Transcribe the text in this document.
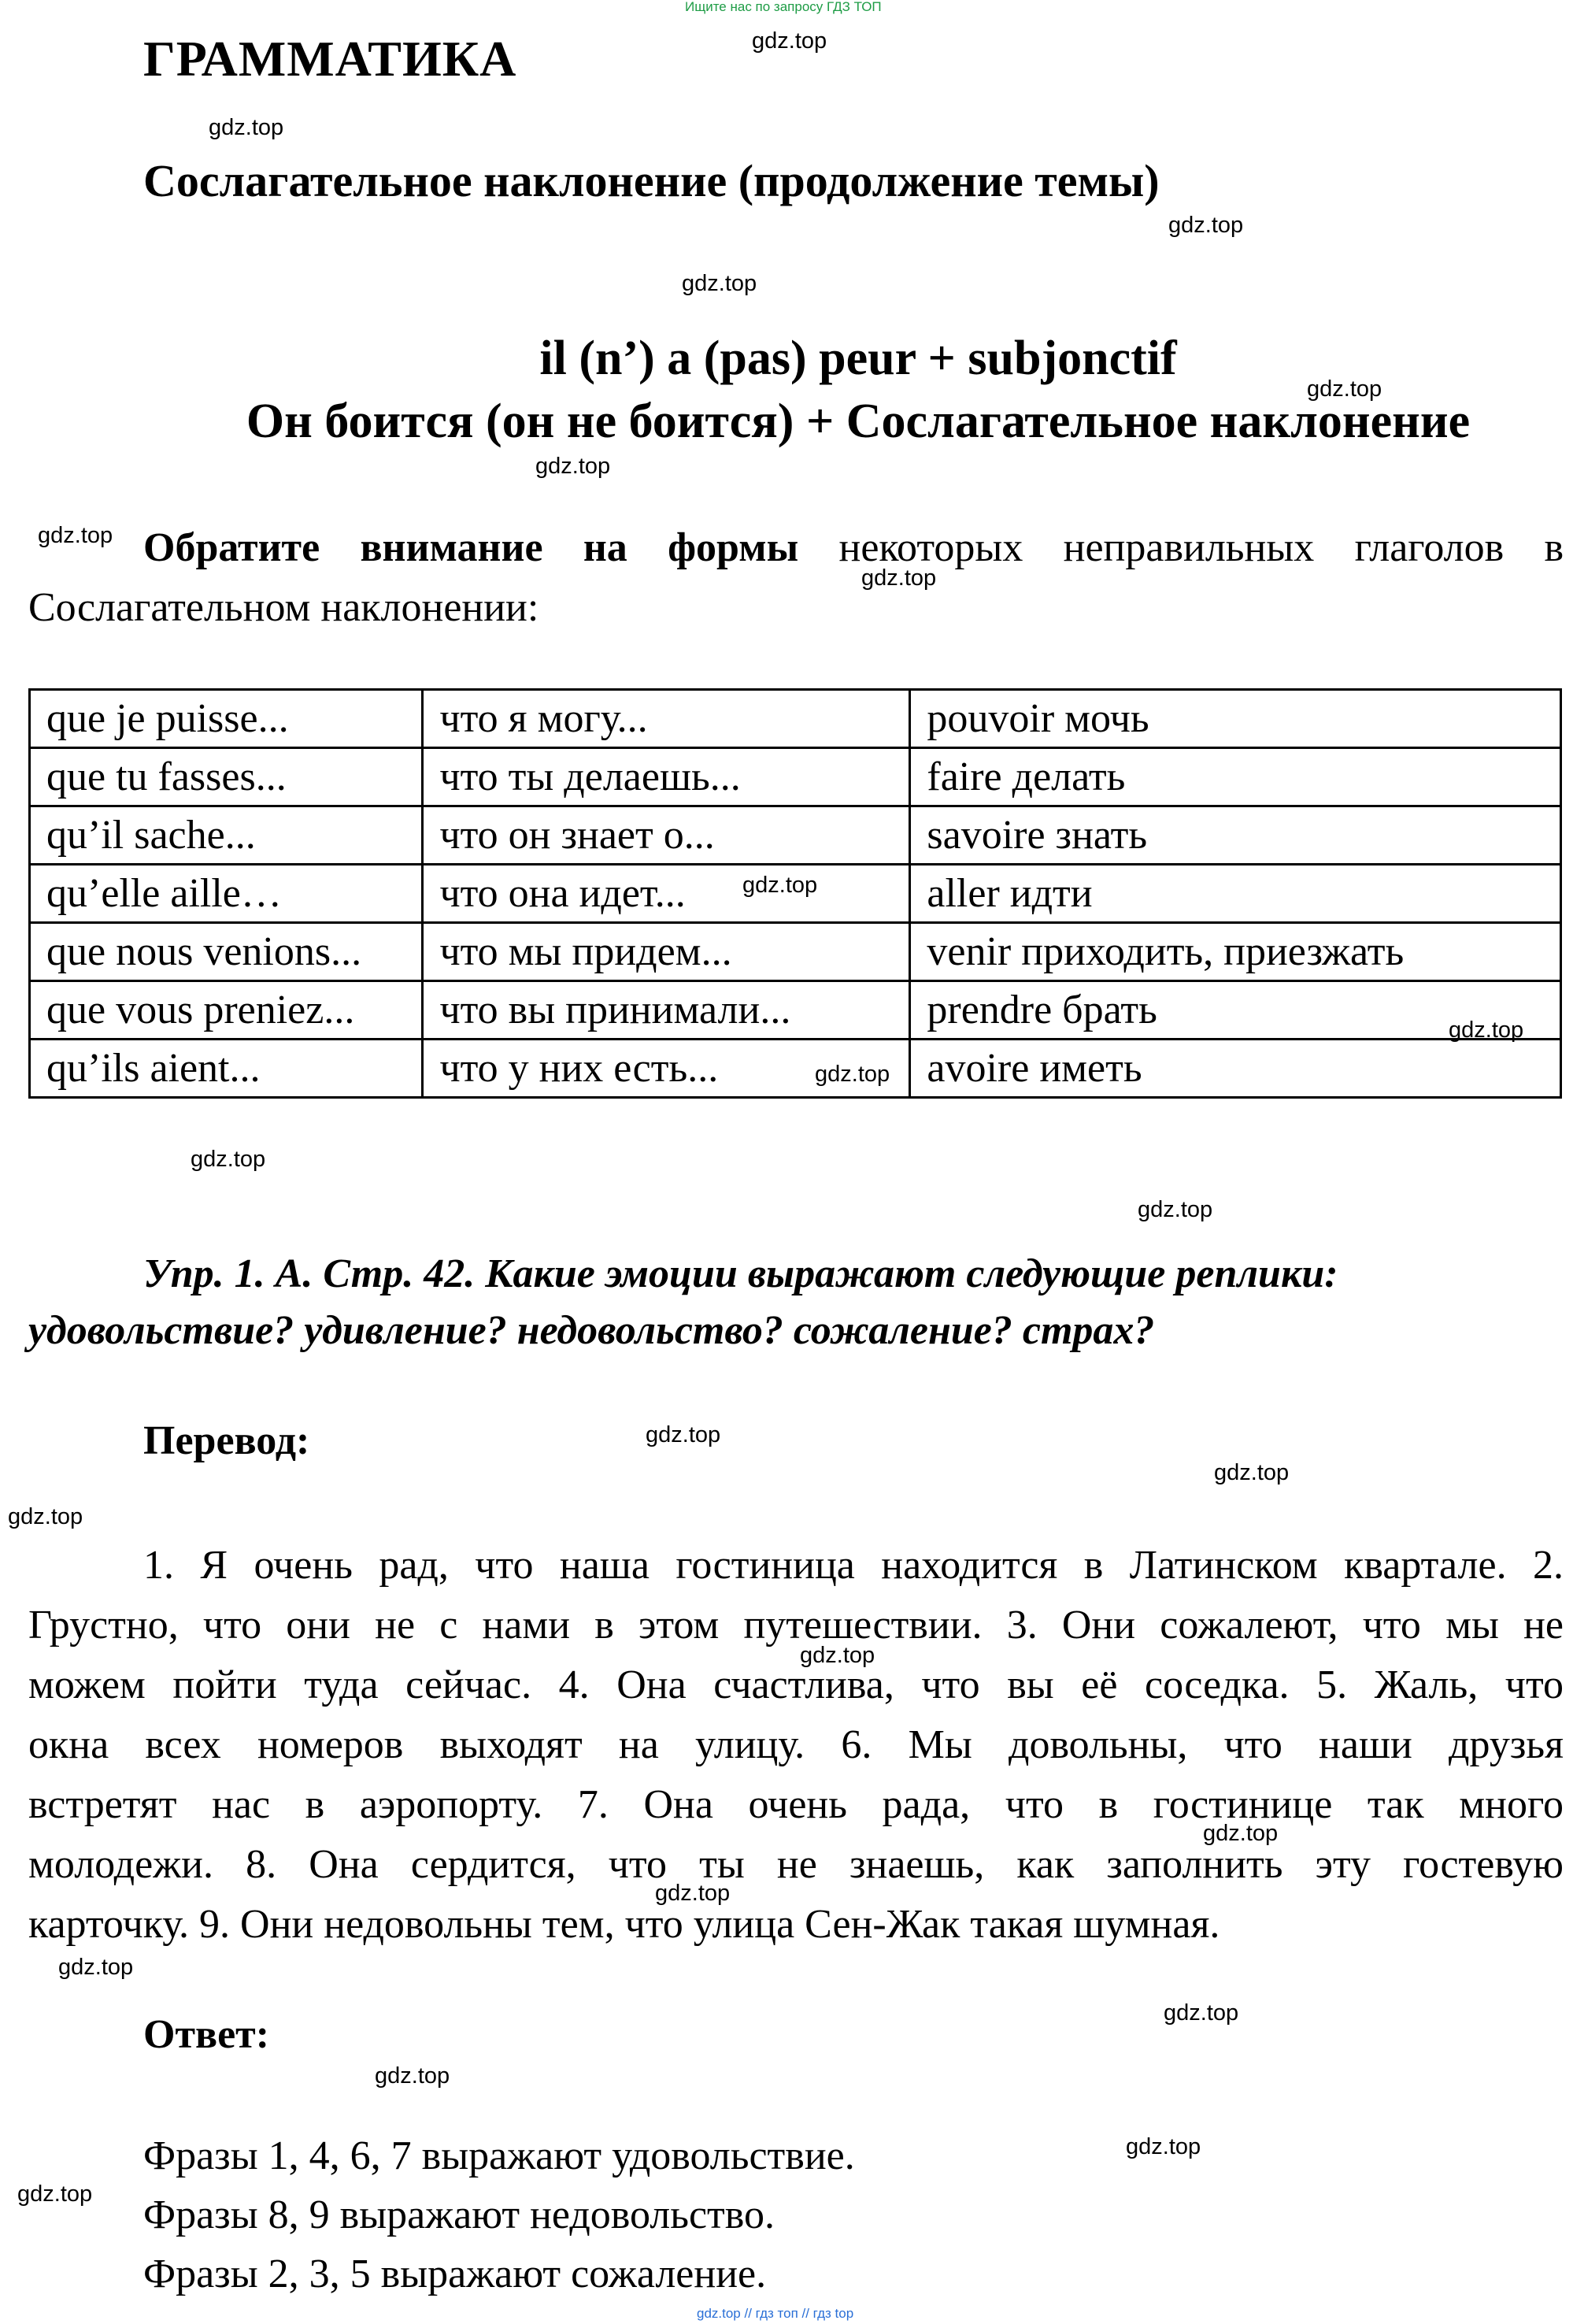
Ищите нас по запросу ГДЗ ТОП
ГРАММАТИКА
Сослагательное наклонение (продолжение темы)
il (n’) a (pas) peur + subjonctif
Он боится (он не боится) + Сослагательное наклонение
Обратите внимание на формы некоторых неправильных глаголов в
Сослагательном наклонении:
que je puisse...	что я могу...	pouvoir мочь
que tu fasses...	что ты делаешь...	faire делать
qu’il sache...	что он знает о...	savoire знать
qu’elle aille…	что она идет...	aller идти
que nous venions...	что мы придем...	venir приходить, приезжать
que vous preniez...	что вы принимали...	prendre брать
qu’ils aient...	что у них есть...	avoire иметь
Упр. 1. А. Стр. 42. Какие эмоции выражают следующие реплики:
удовольствие? удивление? недовольство? сожаление? страх?
Перевод:
1. Я очень рад, что наша гостиница находится в Латинском квартале. 2.
Грустно, что они не с нами в этом путешествии. 3. Они сожалеют, что мы не
можем пойти туда сейчас. 4. Она счастлива, что вы её соседка. 5. Жаль, что
окна всех номеров выходят на улицу. 6. Мы довольны, что наши друзья
встретят нас в аэропорту. 7. Она очень рада, что в гостинице так много
молодежи. 8. Она сердится, что ты не знаешь, как заполнить эту гостевую
карточку. 9. Они недовольны тем, что улица Сен-Жак такая шумная.
Ответ:
Фразы 1, 4, 6, 7 выражают удовольствие.
Фразы 8, 9 выражают недовольство.
Фразы 2, 3, 5 выражают сожаление.
gdz.top
gdz.top
gdz.top
gdz.top
gdz.top
gdz.top
gdz.top
gdz.top
gdz.top
gdz.top
gdz.top
gdz.top
gdz.top
gdz.top
gdz.top
gdz.top
gdz.top
gdz.top
gdz.top
gdz.top
gdz.top
gdz.top
gdz.top
gdz.top
gdz.top // гдз топ // гдз top
